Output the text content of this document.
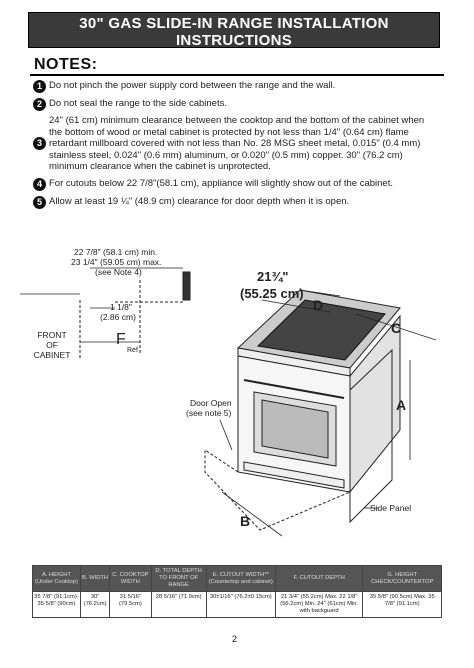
30" GAS SLIDE-IN RANGE INSTALLATION INSTRUCTIONS
(Models with Sealed Top Burners)
NOTES:
1 Do not pinch the power supply cord between the range and the wall.
2 Do not seal the range to the side cabinets.
3
24" (61 cm) minimum clearance between the cooktop and the bottom of the cabinet when the bottom of wood or metal cabinet is protected by not less than 1/4" (0.64 cm) flame retardant millboard covered with not less than No. 28 MSG sheet metal, 0.015" (0.4 mm) stainless steel, 0.024" (0.6 mm) aluminum, or 0.020" (0.5 mm) copper. 30" (76.2 cm) minimum clearance when the cabinet is unprotected.
4 For cutouts below 22 7/8"(58.1 cm), appliance will slightly show out of the cabinet.
5 Allow at least 19 ¼" (48.9 cm) clearance for door depth when it is open.
22 7/8" (58.1 cm) min.
23 1/4" (59.05 cm) max.
(see Note 4)
1 1/8"
(2.86 cm)
FRONT
OF
CABINET
F
Ref
21¾"
(55.25 cm)
D
C
A
B
Door Open
(see note 5)
Side Panel
A. HEIGHT (Under Cooktop)	B. WIDTH	C. COOKTOP WIDTH	D. TOTAL DEPTH TO FRONT OF RANGE	E. CUTOUT WIDTH** (Countertop and cabinet)	F. CUTOUT DEPTH	G. HEIGHT CHECK/COUNTERTOP
35 7/8" (91.1cm)- 35 5/8" (90cm)	30" (76.2cm)	31 5/16" (79.5cm)	28 5/16" (71.9cm)	30±1/16" (76.2±0.15cm)	21 3/4" (55.2cm) Max. 22 1/8" (56.2cm) Min. 24" (61cm) Min. with backguard	35 5/8" (90.5cm) Max. 35 7/8" (91.1cm)
2
